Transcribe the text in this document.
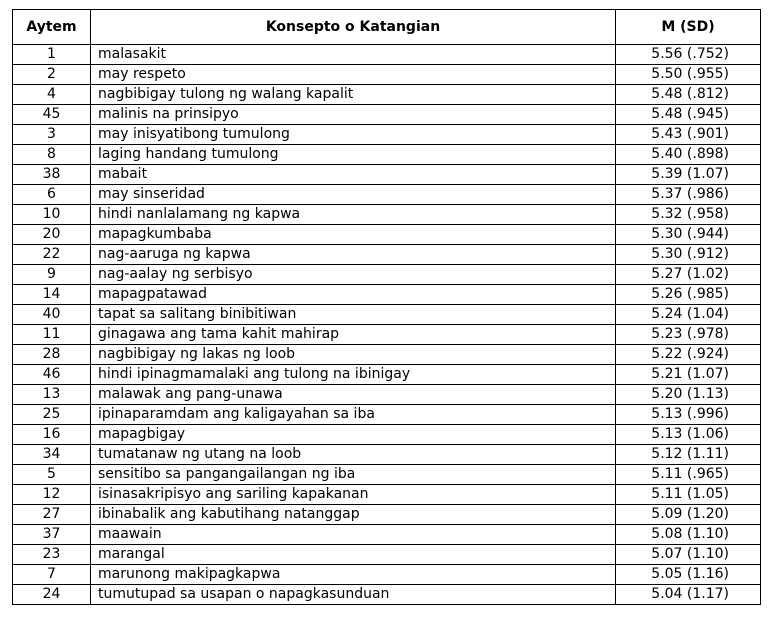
Aytem	Konsepto o Katangian	M (SD)
1	malasakit	5.56 (.752)
2	may respeto	5.50 (.955)
4	nagbibigay tulong ng walang kapalit	5.48 (.812)
45	malinis na prinsipyo	5.48 (.945)
3	may inisyatibong tumulong	5.43 (.901)
8	laging handang tumulong	5.40 (.898)
38	mabait	5.39 (1.07)
6	may sinseridad	5.37 (.986)
10	hindi nanlalamang ng kapwa	5.32 (.958)
20	mapagkumbaba	5.30 (.944)
22	nag-aaruga ng kapwa	5.30 (.912)
9	nag-aalay ng serbisyo	5.27 (1.02)
14	mapagpatawad	5.26 (.985)
40	tapat sa salitang binibitiwan	5.24 (1.04)
11	ginagawa ang tama kahit mahirap	5.23 (.978)
28	nagbibigay ng lakas ng loob	5.22 (.924)
46	hindi ipinagmamalaki ang tulong na ibinigay	5.21 (1.07)
13	malawak ang pang-unawa	5.20 (1.13)
25	ipinaparamdam ang kaligayahan sa iba	5.13 (.996)
16	mapagbigay	5.13 (1.06)
34	tumatanaw ng utang na loob	5.12 (1.11)
5	sensitibo sa pangangailangan ng iba	5.11 (.965)
12	isinasakripisyo ang sariling kapakanan	5.11 (1.05)
27	ibinabalik ang kabutihang natanggap	5.09 (1.20)
37	maawain	5.08 (1.10)
23	marangal	5.07 (1.10)
7	marunong makipagkapwa	5.05 (1.16)
24	tumutupad sa usapan o napagkasunduan	5.04 (1.17)
